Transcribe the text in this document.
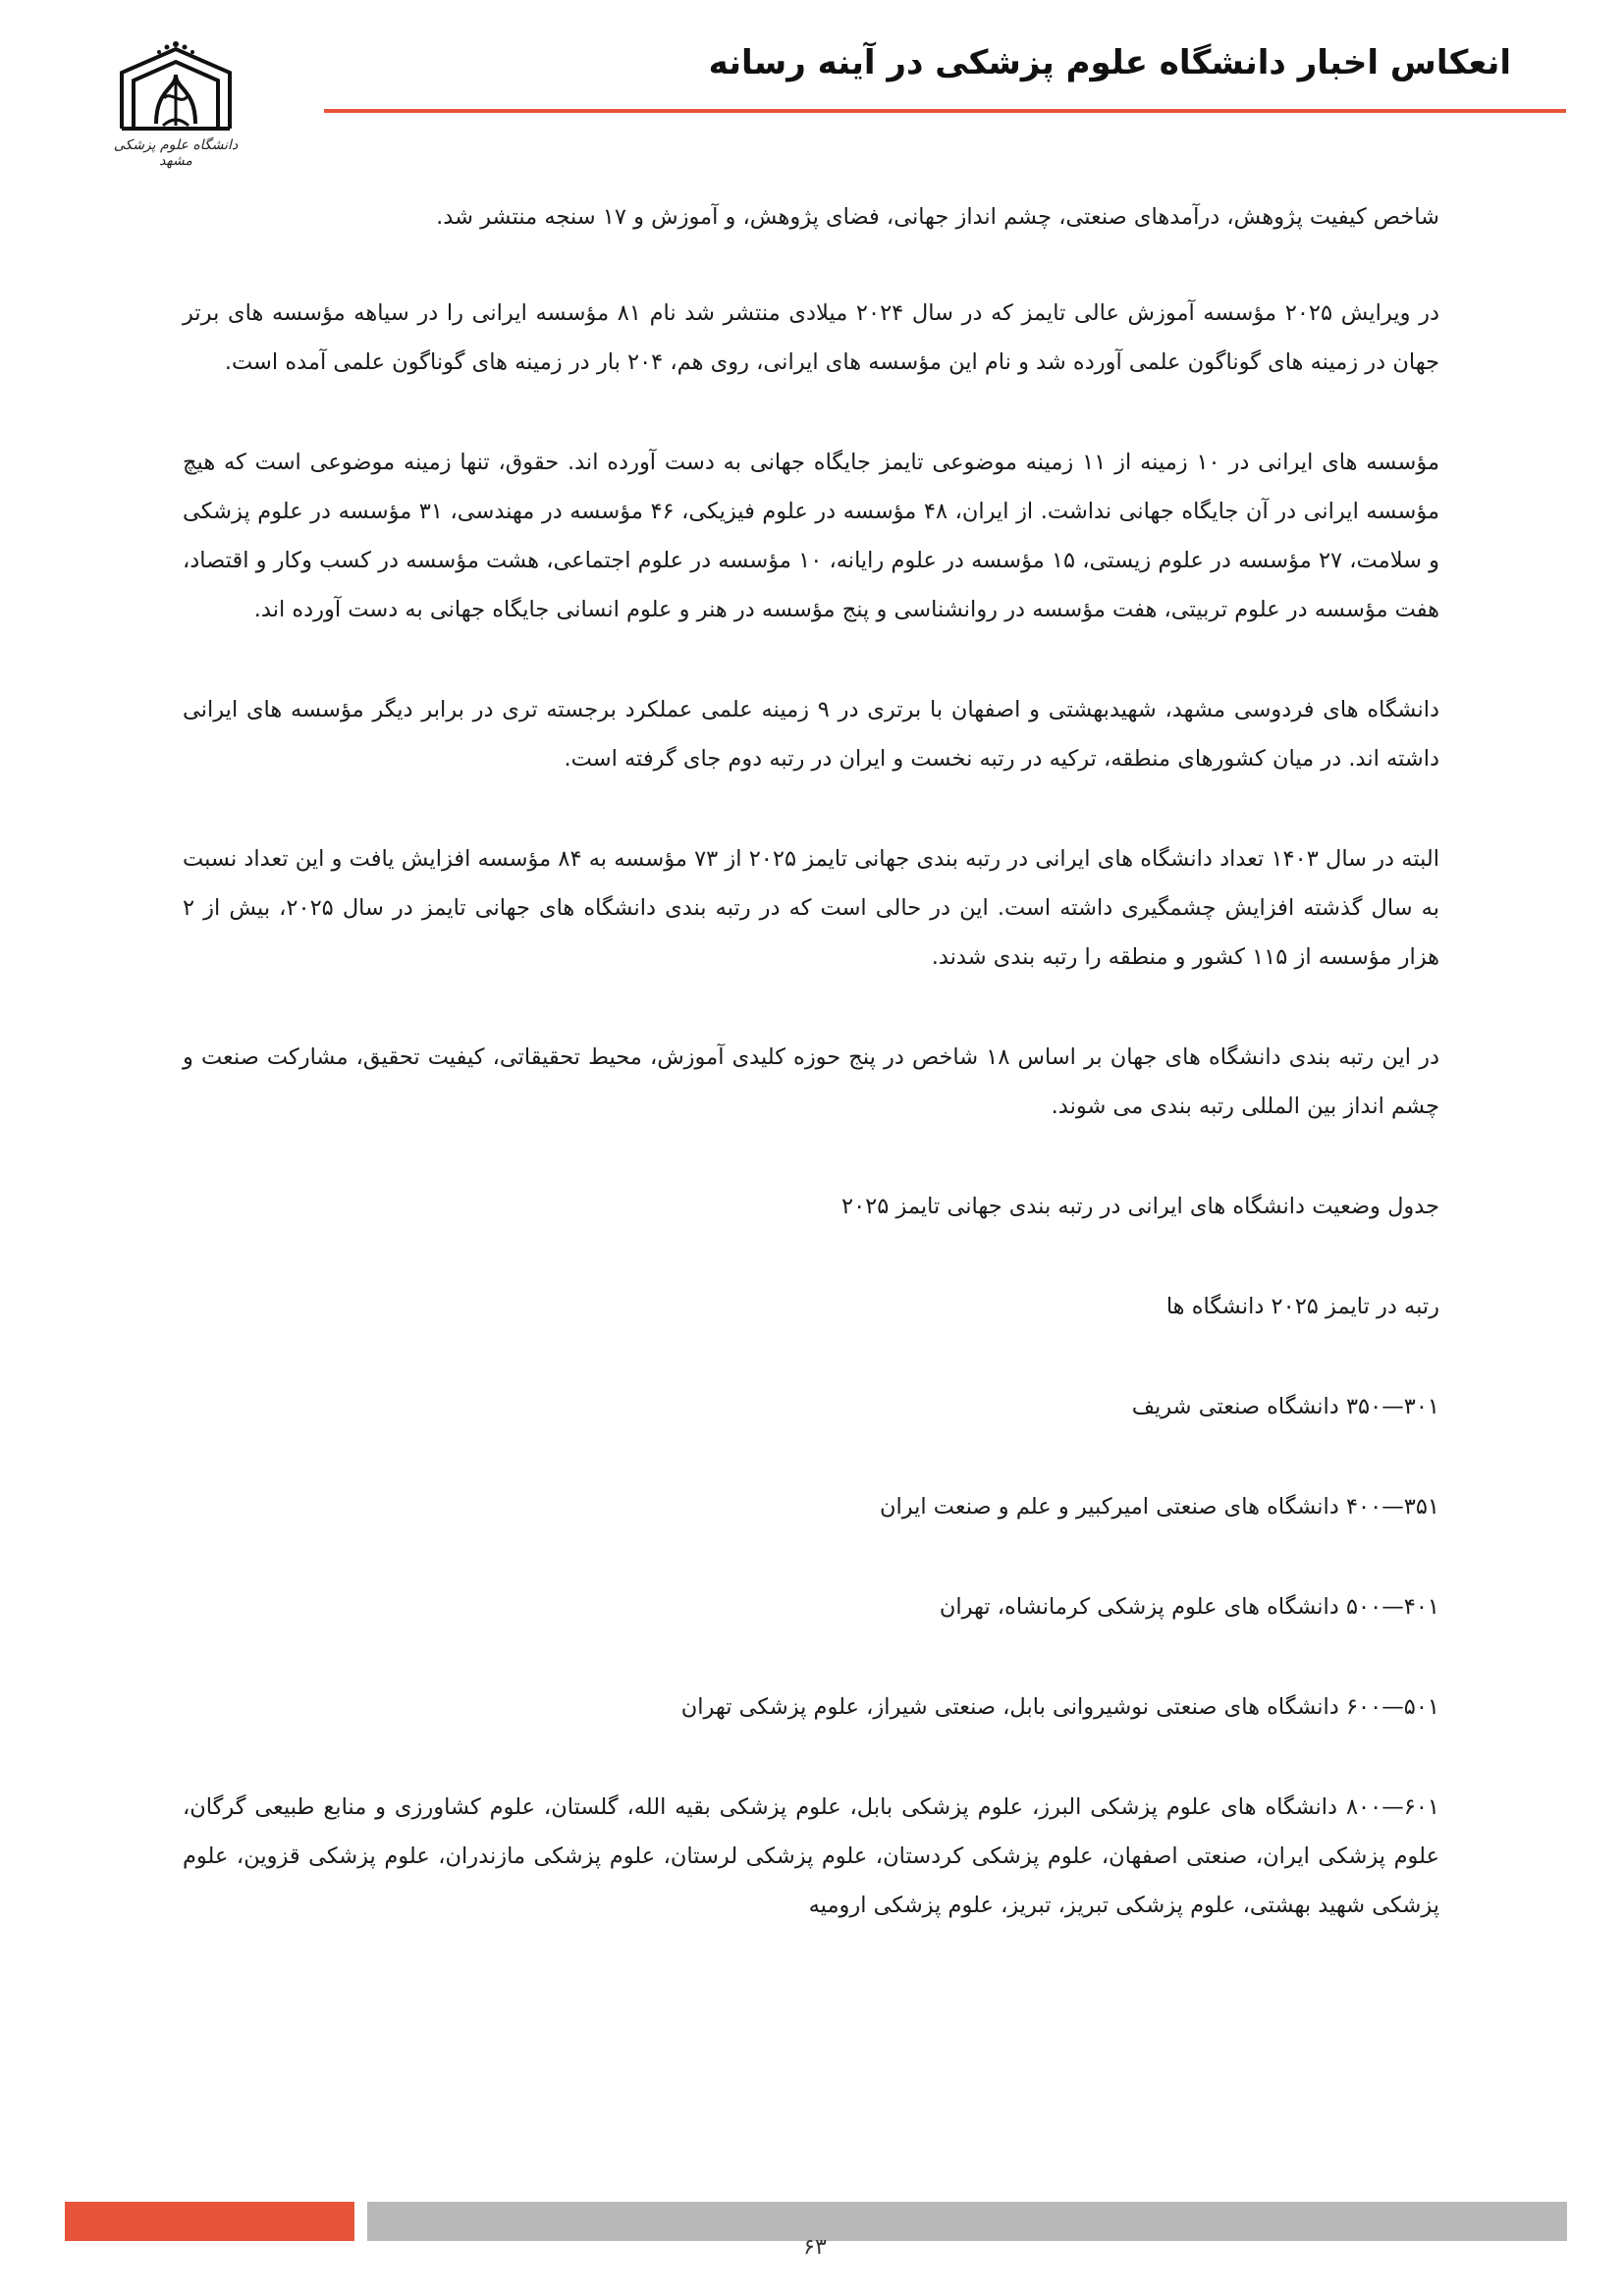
انعکاس اخبار دانشگاه علوم پزشکی در آینه رسانه
دانشگاه علوم پزشکی مشهد

شاخص کیفیت پژوهش، درآمدهای صنعتی، چشم انداز جهانی، فضای پژوهش، و آموزش و ۱۷ سنجه منتشر شد.

در ویرایش ۲۰۲۵ مؤسسه آموزش عالی تایمز که در سال ۲۰۲۴ میلادی منتشر شد نام ۸۱ مؤسسه ایرانی را در سیاهه مؤسسه های برتر جهان در زمینه های گوناگون علمی آورده شد و نام این مؤسسه های ایرانی، روی هم، ۲۰۴ بار در زمینه های گوناگون علمی آمده است.

مؤسسه های ایرانی در ۱۰ زمینه از ۱۱ زمینه موضوعی تایمز جایگاه جهانی به دست آورده اند. حقوق، تنها زمینه موضوعی است که هیچ مؤسسه ایرانی در آن جایگاه جهانی نداشت. از ایران، ۴۸ مؤسسه در علوم فیزیکی، ۴۶ مؤسسه در مهندسی، ۳۱ مؤسسه در علوم پزشکی و سلامت، ۲۷ مؤسسه در علوم زیستی، ۱۵ مؤسسه در علوم رایانه، ۱۰ مؤسسه در علوم اجتماعی، هشت مؤسسه در کسب وکار و اقتصاد، هفت مؤسسه در علوم تربیتی، هفت مؤسسه در روانشناسی و پنج مؤسسه در هنر و علوم انسانی جایگاه جهانی به دست آورده اند.

دانشگاه های فردوسی مشهد، شهیدبهشتی و اصفهان با برتری در ۹ زمینه علمی عملکرد برجسته تری در برابر دیگر مؤسسه های ایرانی داشته اند. در میان کشورهای منطقه، ترکیه در رتبه نخست و ایران در رتبه دوم جای گرفته است.

البته در سال ۱۴۰۳ تعداد دانشگاه های ایرانی در رتبه بندی جهانی تایمز ۲۰۲۵ از ۷۳ مؤسسه به ۸۴ مؤسسه افزایش یافت و این تعداد نسبت به سال گذشته افزایش چشمگیری داشته است. این در حالی است که در رتبه بندی دانشگاه های جهانی تایمز در سال ۲۰۲۵، بیش از ۲ هزار مؤسسه از ۱۱۵ کشور و منطقه را رتبه بندی شدند.

در این رتبه بندی دانشگاه های جهان بر اساس ۱۸ شاخص در پنج حوزه کلیدی آموزش، محیط تحقیقاتی، کیفیت تحقیق، مشارکت صنعت و چشم انداز بین المللی رتبه بندی می شوند.

جدول وضعیت دانشگاه های ایرانی در رتبه بندی جهانی تایمز ۲۰۲۵

رتبه در تایمز ۲۰۲۵ دانشگاه ها

۳۰۱—۳۵۰ دانشگاه صنعتی شریف

۳۵۱—۴۰۰ دانشگاه های صنعتی امیرکبیر و علم و صنعت ایران

۴۰۱—۵۰۰ دانشگاه های علوم پزشکی کرمانشاه، تهران

۵۰۱—۶۰۰ دانشگاه های صنعتی نوشیروانی بابل، صنعتی شیراز، علوم پزشکی تهران

۶۰۱—۸۰۰ دانشگاه های علوم پزشکی البرز، علوم پزشکی بابل، علوم پزشکی بقیه الله، گلستان، علوم کشاورزی و منابع طبیعی گرگان، علوم پزشکی ایران، صنعتی اصفهان، علوم پزشکی کردستان، علوم پزشکی لرستان، علوم پزشکی مازندران، علوم پزشکی قزوین، علوم پزشکی شهید بهشتی، علوم پزشکی تبریز، تبریز، علوم پزشکی ارومیه

۶۳
